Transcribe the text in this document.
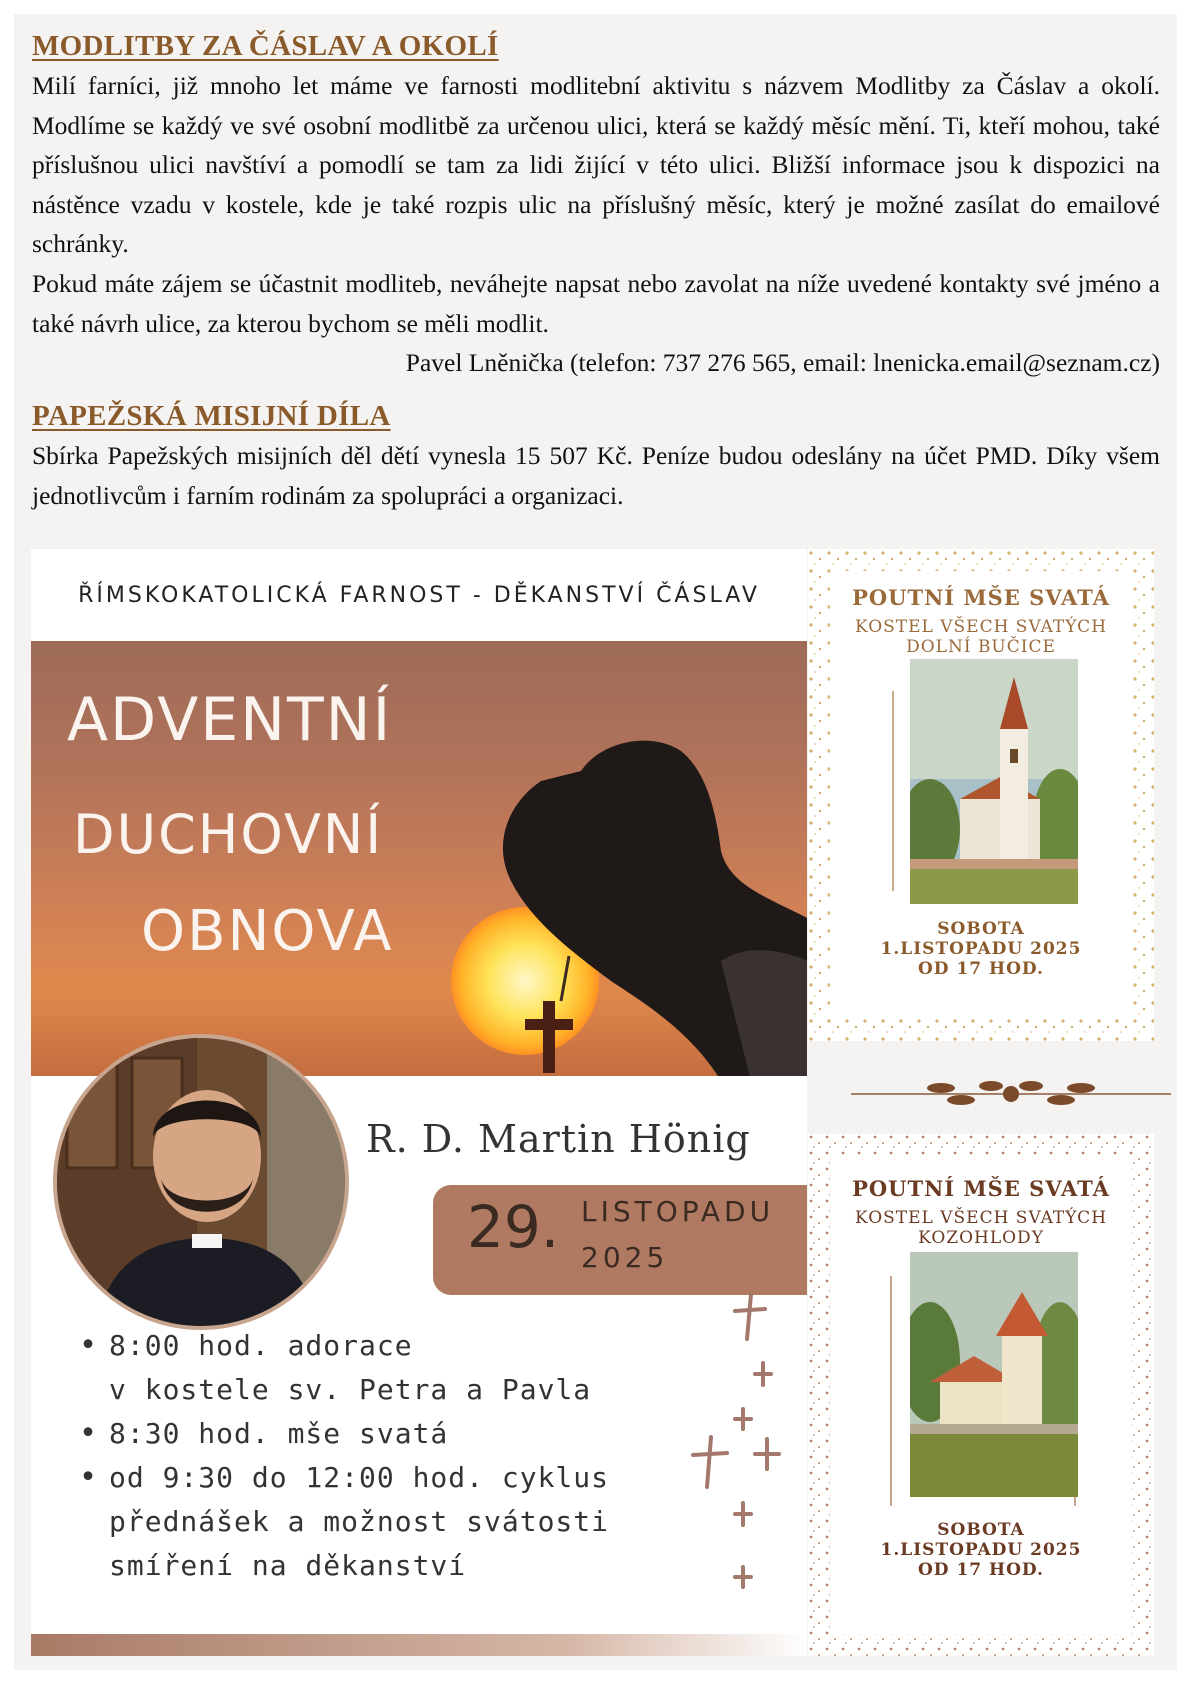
MODLITBY ZA ČÁSLAV A OKOLÍ

Milí farníci, již mnoho let máme ve farnosti modlitební aktivitu s názvem Modlitby za Čáslav a okolí. Modlíme se každý ve své osobní modlitbě za určenou ulici, která se každý měsíc mění. Ti, kteří mohou, také příslušnou ulici navštíví a pomodlí se tam za lidi žijící v této ulici. Bližší informace jsou k dispozici na nástěnce vzadu v kostele, kde je také rozpis ulic na příslušný měsíc, který je možné zasílat do emailové schránky.

Pokud máte zájem se účastnit modliteb, neváhejte napsat nebo zavolat na níže uvedené kontakty své jméno a také návrh ulice, za kterou bychom se měli modlit.

Pavel Lněnička (telefon: 737 276 565, email: lnenicka.email@seznam.cz)

PAPEŽSKÁ MISIJNÍ DÍLA

Sbírka Papežských misijních děl dětí vynesla 15 507 Kč. Peníze budou odeslány na účet PMD. Díky všem jednotlivcům i farním rodinám za spolupráci a organizaci.

ŘÍMSKOKATOLICKÁ FARNOST - DĚKANSTVÍ ČÁSLAV
ADVENTNÍ
DUCHOVNÍ
OBNOVA
R. D. Martin Hönig
29. LISTOPADU
2025
• 8:00 hod. adorace
v kostele sv. Petra a Pavla
• 8:30 hod. mše svatá
• od 9:30 do 12:00 hod. cyklus
přednášek a možnost svátosti
smíření na děkanství

POUTNÍ MŠE SVATÁ

KOSTEL VŠECH SVATÝCH

DOLNÍ BUČICE

SOBOTA

1.LISTOPADU 2025

OD 17 HOD.

POUTNÍ MŠE SVATÁ

KOSTEL VŠECH SVATÝCH

KOZOHLODY

SOBOTA

1.LISTOPADU 2025

OD 17 HOD.
